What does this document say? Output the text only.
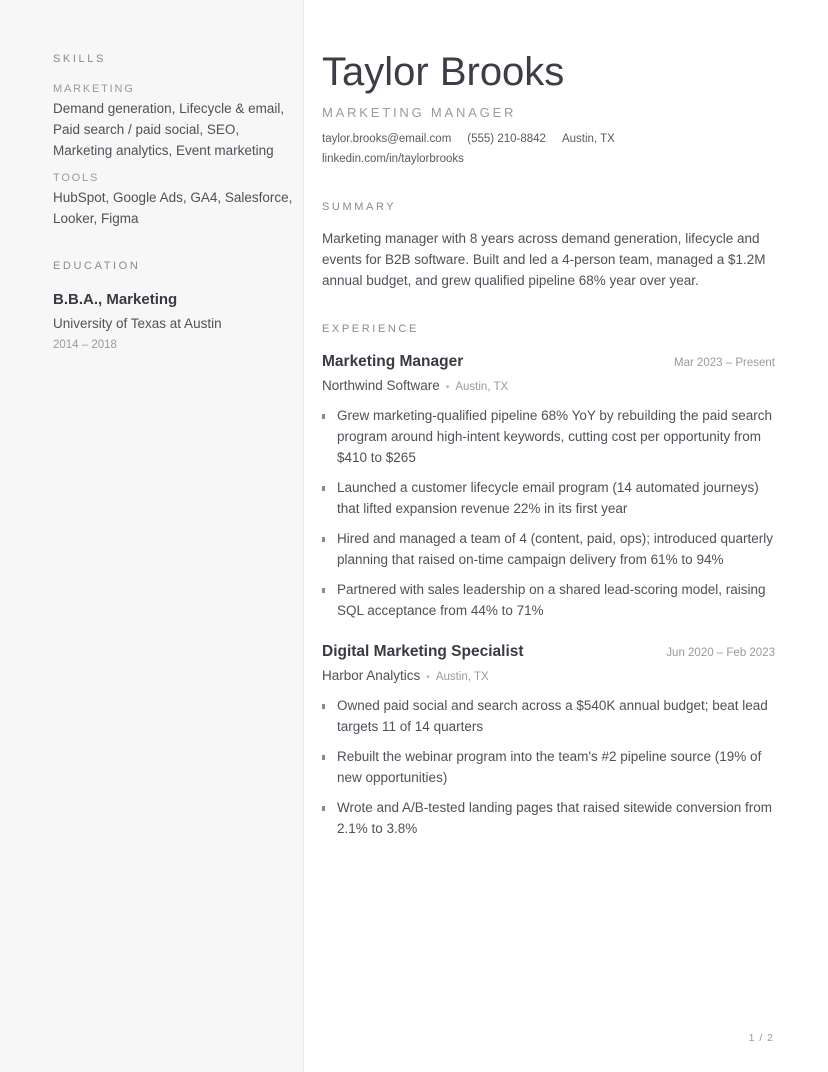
SKILLS
MARKETING
Demand generation, Lifecycle & email, Paid search / paid social, SEO, Marketing analytics, Event marketing
TOOLS
HubSpot, Google Ads, GA4, Salesforce, Looker, Figma
EDUCATION
B.B.A., Marketing
University of Texas at Austin
2014 – 2018
Taylor Brooks
MARKETING MANAGER
taylor.brooks@email.com (555) 210-8842 Austin, TX
linkedin.com/in/taylorbrooks
SUMMARY
Marketing manager with 8 years across demand generation, lifecycle and events for B2B software. Built and led a 4-person team, managed a $1.2M annual budget, and grew qualified pipeline 68% year over year.
EXPERIENCE
Marketing Manager	Mar 2023 – Present
Northwind Software • Austin, TX
Grew marketing-qualified pipeline 68% YoY by rebuilding the paid search program around high-intent keywords, cutting cost per opportunity from $410 to $265
Launched a customer lifecycle email program (14 automated journeys) that lifted expansion revenue 22% in its first year
Hired and managed a team of 4 (content, paid, ops); introduced quarterly planning that raised on-time campaign delivery from 61% to 94%
Partnered with sales leadership on a shared lead-scoring model, raising SQL acceptance from 44% to 71%
Digital Marketing Specialist	Jun 2020 – Feb 2023
Harbor Analytics • Austin, TX
Owned paid social and search across a $540K annual budget; beat lead targets 11 of 14 quarters
Rebuilt the webinar program into the team's #2 pipeline source (19% of new opportunities)
Wrote and A/B-tested landing pages that raised sitewide conversion from 2.1% to 3.8%
1 / 2
